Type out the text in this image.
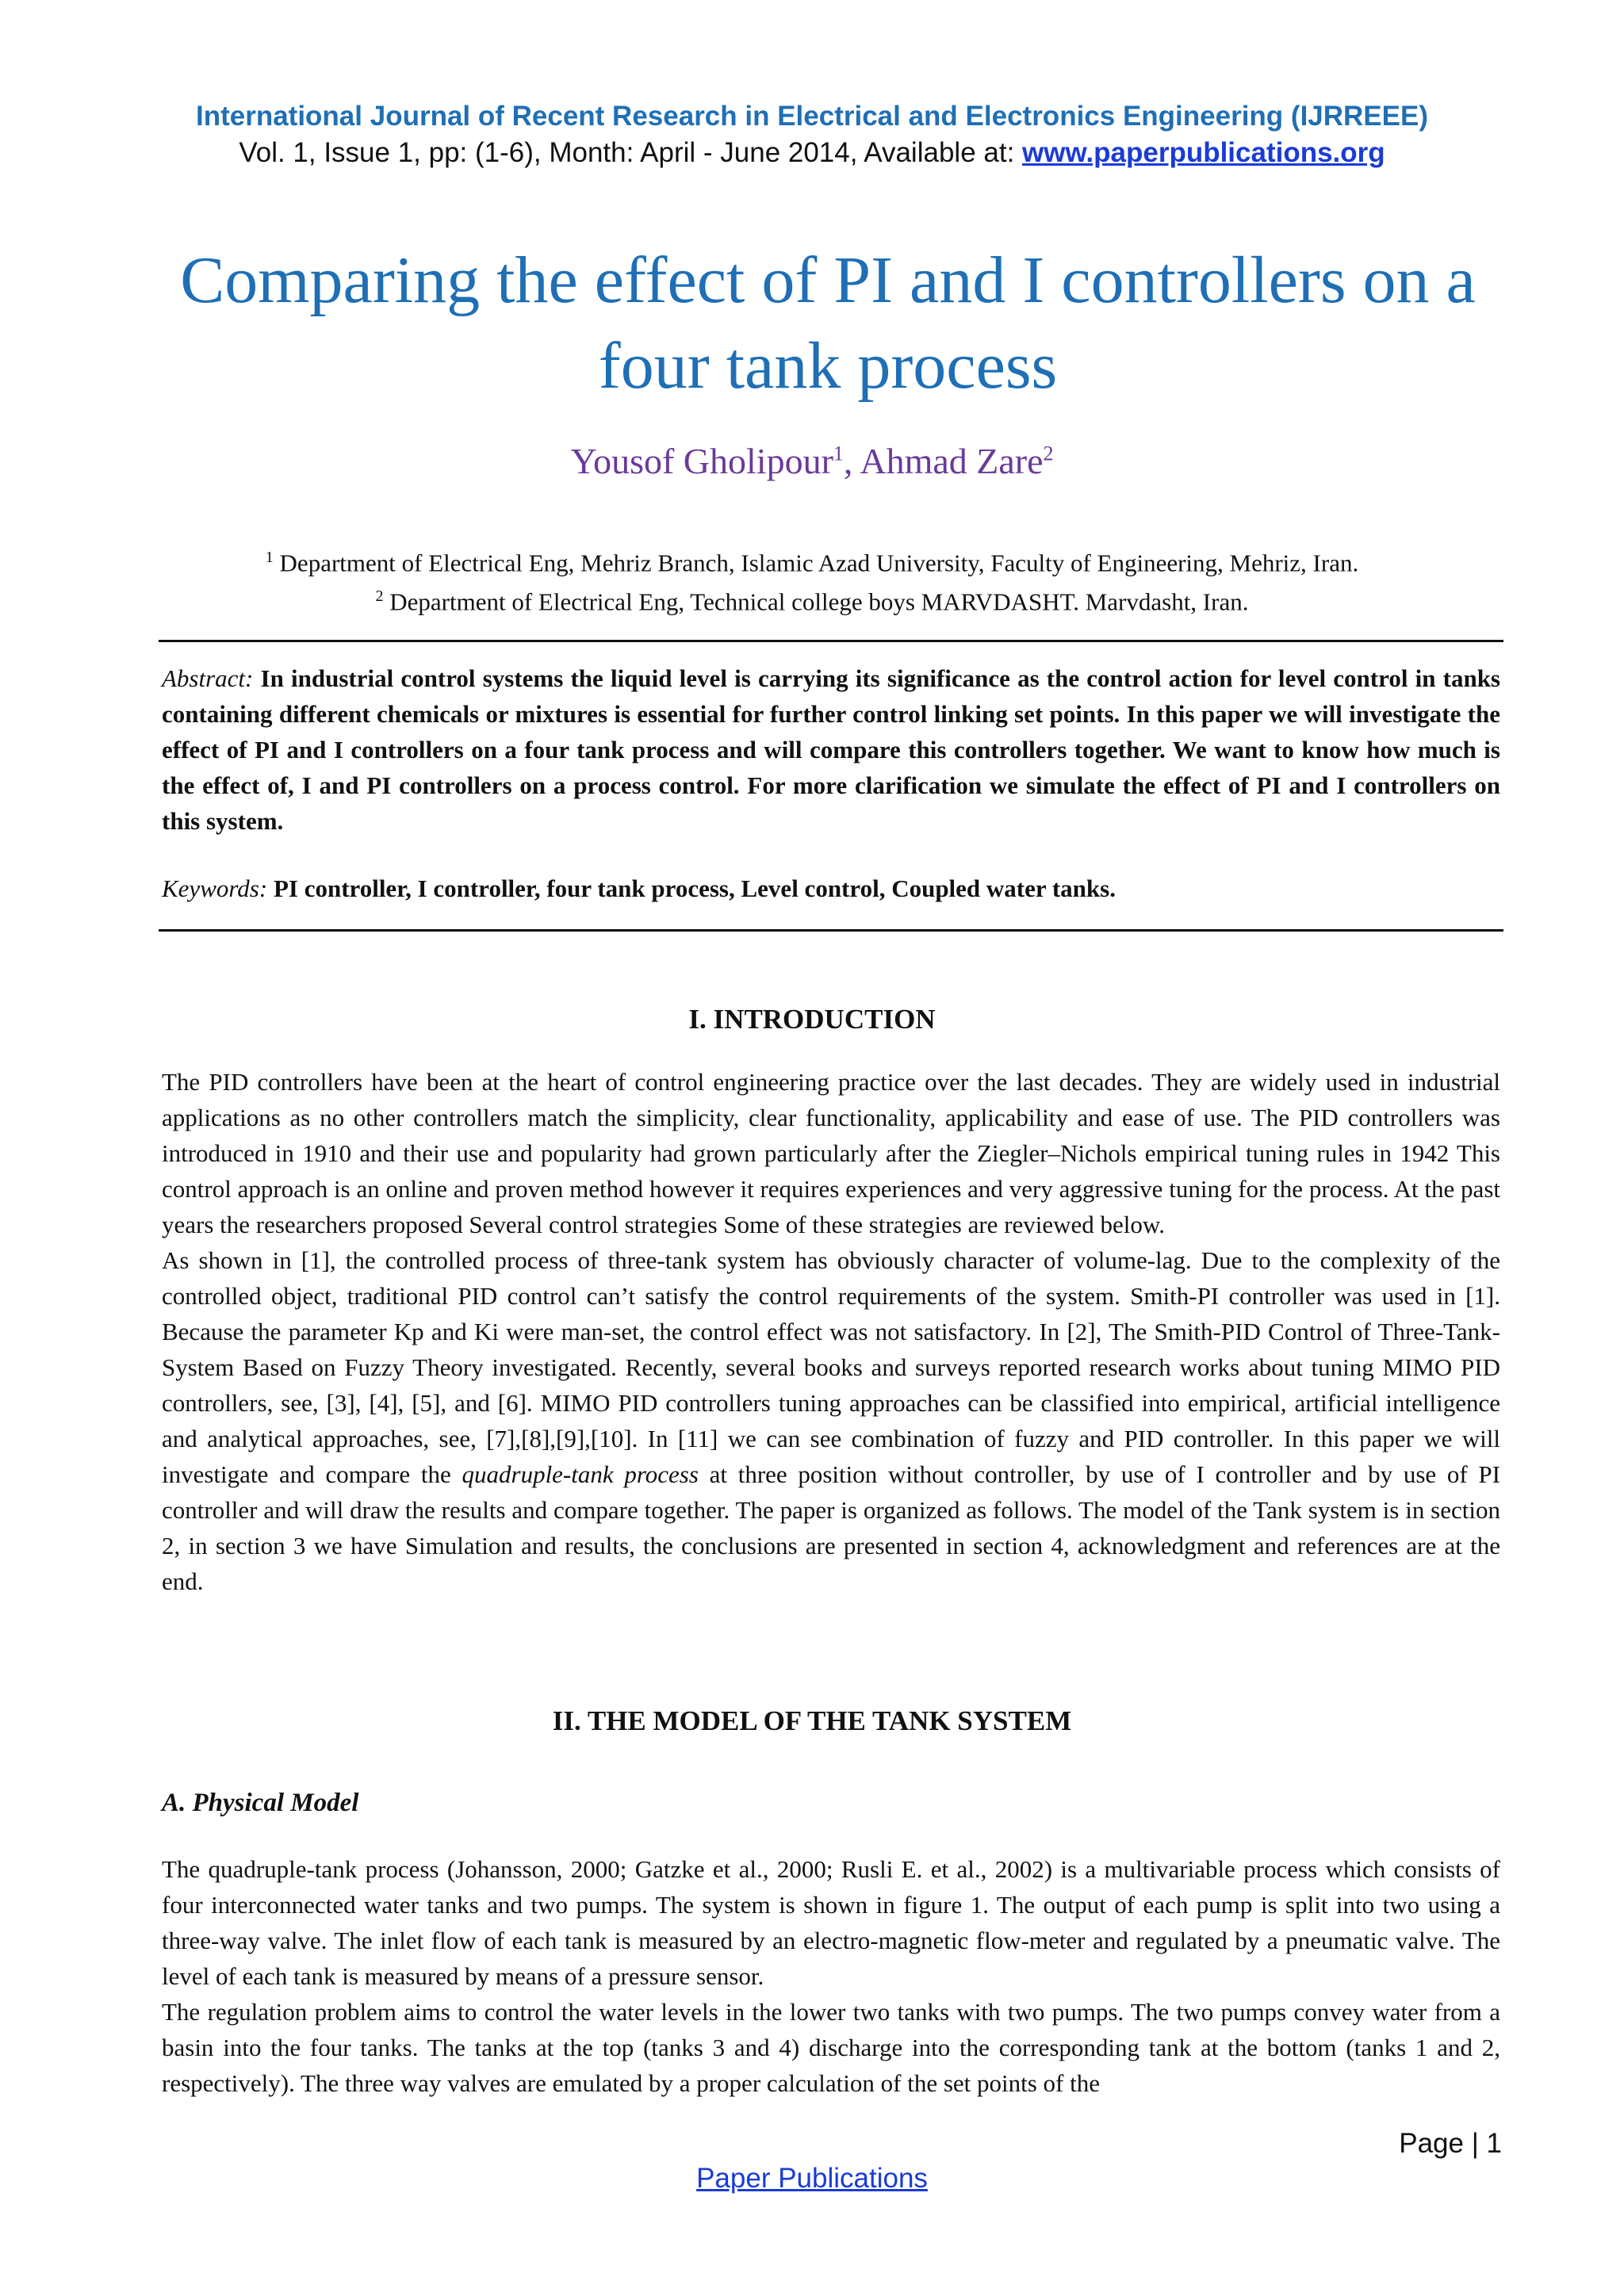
International Journal of Recent Research in Electrical and Electronics Engineering (IJRREEE)
Vol. 1, Issue 1, pp: (1-6), Month: April - June 2014, Available at: www.paperpublications.org
Comparing the effect of PI and I controllers on a four tank process
Yousof Gholipour$^1$, Ahmad Zare$^2$
$^1$ Department of Electrical Eng, Mehriz Branch, Islamic Azad University, Faculty of Engineering, Mehriz, Iran.
$^2$ Department of Electrical Eng, Technical college boys MARVDASHT. Marvdasht, Iran.
Abstract: In industrial control systems the liquid level is carrying its significance as the control action for level control in tanks containing different chemicals or mixtures is essential for further control linking set points. In this paper we will investigate the effect of PI and I controllers on a four tank process and will compare this controllers together. We want to know how much is the effect of, I and PI controllers on a process control. For more clarification we simulate the effect of PI and I controllers on this system.
Keywords: PI controller, I controller, four tank process, Level control, Coupled water tanks.
I. INTRODUCTION

The PID controllers have been at the heart of control engineering practice over the last decades. They are widely used in industrial applications as no other controllers match the simplicity, clear functionality, applicability and ease of use. The PID controllers was introduced in 1910 and their use and popularity had grown particularly after the Ziegler–Nichols empirical tuning rules in 1942 This control approach is an online and proven method however it requires experiences and very aggressive tuning for the process. At the past years the researchers proposed Several control strategies Some of these strategies are reviewed below.

As shown in [1], the controlled process of three-tank system has obviously character of volume-lag. Due to the complexity of the controlled object, traditional PID control can’t satisfy the control requirements of the system. Smith-PI controller was used in [1]. Because the parameter Kp and Ki were man-set, the control effect was not satisfactory. In [2], The Smith-PID Control of Three-Tank-System Based on Fuzzy Theory investigated. Recently, several books and surveys reported research works about tuning MIMO PID controllers, see, [3], [4], [5], and [6]. MIMO PID controllers tuning approaches can be classified into empirical, artificial intelligence and analytical approaches, see, [7],[8],[9],[10]. In [11] we can see combination of fuzzy and PID controller. In this paper we will investigate and compare the quadruple-tank process at three position without controller, by use of I controller and by use of PI controller and will draw the results and compare together. The paper is organized as follows. The model of the Tank system is in section 2, in section 3 we have Simulation and results, the conclusions are presented in section 4, acknowledgment and references are at the end.

II. THE MODEL OF THE TANK SYSTEM
A. Physical Model

The quadruple-tank process (Johansson, 2000; Gatzke et al., 2000; Rusli E. et al., 2002) is a multivariable process which consists of four interconnected water tanks and two pumps. The system is shown in figure 1. The output of each pump is split into two using a three-way valve. The inlet flow of each tank is measured by an electro-magnetic flow-meter and regulated by a pneumatic valve. The level of each tank is measured by means of a pressure sensor.

The regulation problem aims to control the water levels in the lower two tanks with two pumps. The two pumps convey water from a basin into the four tanks. The tanks at the top (tanks 3 and 4) discharge into the corresponding tank at the bottom (tanks 1 and 2, respectively). The three way valves are emulated by a proper calculation of the set points of the

Page | 1
Paper Publications
